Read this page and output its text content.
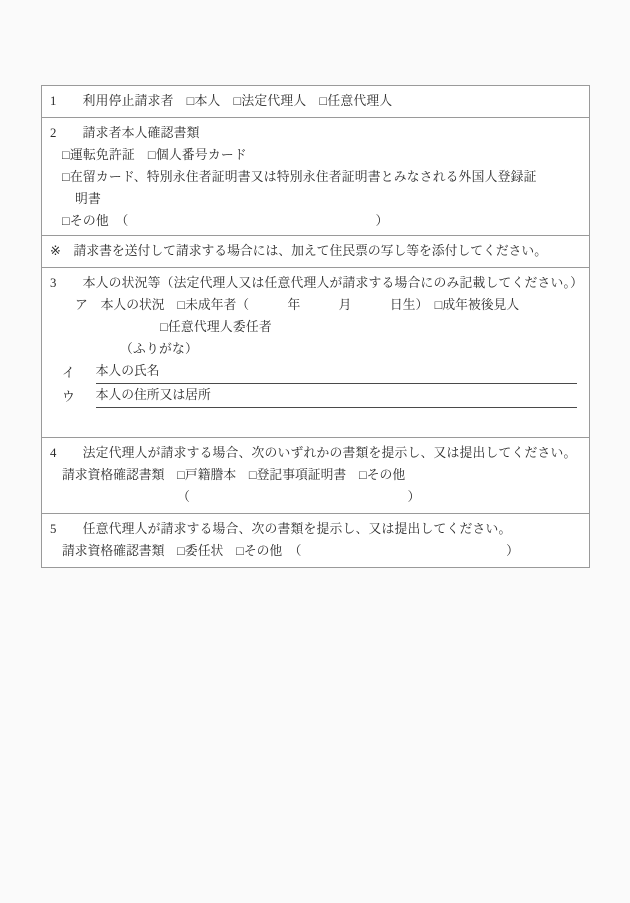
1　　利用停止請求者　□本人　□法定代理人　□任意代理人

2　　請求者本人確認書類
□運転免許証　□個人番号カード
□在留カード、特別永住者証明書又は特別永住者証明書とみなされる外国人登録証
明書
□その他　（　　　　　　　　　　　　　　　　　　　）

※
　 請求書を送付して請求する場合には、加えて住民票の写し等を添付してください。

3　　本人の状況等（法定代理人又は任意代理人が請求する場合にのみ記載してください。）
ア
　 本人の状況
　 □未成年者（　　　年　　　月　　　日生）　□成年被後見人
□任意代理人委任者
（ふりがな）
イ
　	本人の氏名
ウ
　	本人の住所又は居所

4　　法定代理人が請求する場合、次のいずれかの書類を提示し、又は提出してください。
請求資格確認書類
　 □戸籍謄本　□登記事項証明書　□その他　（　　　　　　　　　　　　　　　　　）

5　　任意代理人が請求する場合、次の書類を提示し、又は提出してください。
請求資格確認書類
　 □委任状　□その他　（　　　　　　　　　　　　　　　　）
